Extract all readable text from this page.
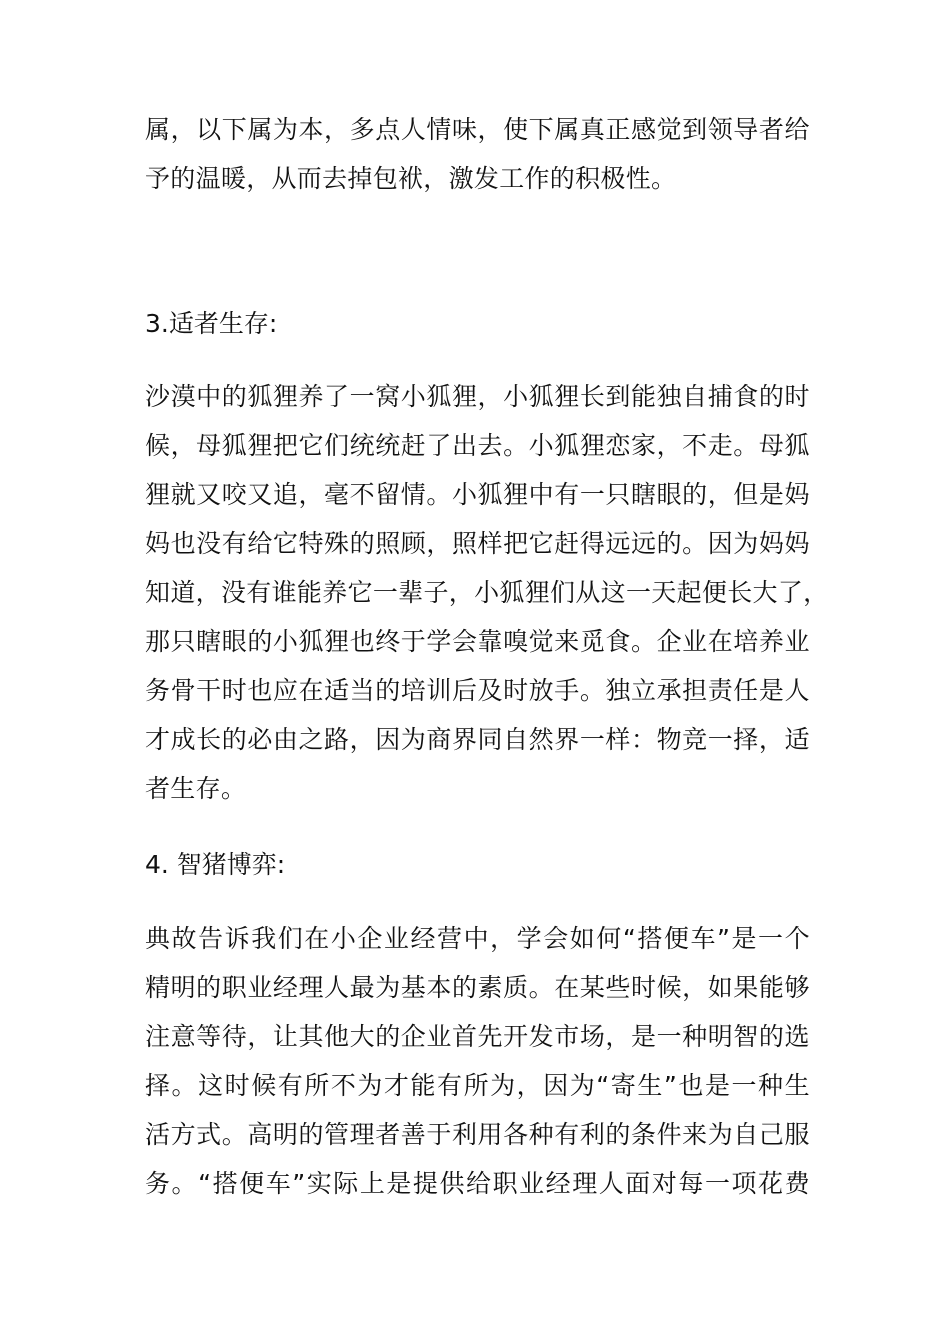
属 ， 以 下 属 为 本 ， 多 点 人 情 味 ， 使 下 属 真 正 感 觉 到 领 导 者 给
予的温暖，从而去掉包袱，激发工作的积极性。
3.适者生存:
沙 漠 中 的 狐 狸 养 了 一 窝 小 狐 狸 ， 小 狐 狸 长 到 能 独 自 捕 食 的 时
候 ， 母 狐 狸 把 它 们 统 统 赶 了 出 去 。 小 狐 狸 恋 家 ， 不 走 。 母 狐
狸 就 又 咬 又 追 ， 毫 不 留 情 。 小 狐 狸 中 有 一 只 瞎 眼 的 ， 但 是 妈
妈 也 没 有 给 它 特 殊 的 照 顾 ， 照 样 把 它 赶 得 远 远 的 。 因 为 妈 妈
知 道 ， 没 有 谁 能 养 它 一 辈 子 ， 小 狐 狸 们 从 这 一 天 起 便 长 大 了 ，
那 只 瞎 眼 的 小 狐 狸 也 终 于 学 会 靠 嗅 觉 来 觅 食 。 企 业 在 培 养 业
务 骨 干 时 也 应 在 适 当 的 培 训 后 及 时 放 手 。 独 立 承 担 责 任 是 人
才 成 长 的 必 由 之 路 ， 因 为 商 界 同 自 然 界 一 样 ： 物 竞 一 择 ， 适
者生存。
4. 智猪博弈:
典 故 告 诉 我 们 在 小 企 业 经 营 中 ， 学 会 如 何 “ 搭 便 车 ” 是 一 个
精 明 的 职 业 经 理 人 最 为 基 本 的 素 质 。 在 某 些 时 候 ， 如 果 能 够
注 意 等 待 ， 让 其 他 大 的 企 业 首 先 开 发 市 场 ， 是 一 种 明 智 的 选
择 。 这 时 候 有 所 不 为 才 能 有 所 为 ， 因 为 “ 寄 生 ” 也 是 一 种 生
活 方 式 。 高 明 的 管 理 者 善 于 利 用 各 种 有 利 的 条 件 来 为 自 己 服
务 。 “ 搭 便 车 ” 实 际 上 是 提 供 给 职 业 经 理 人 面 对 每 一 项 花 费
